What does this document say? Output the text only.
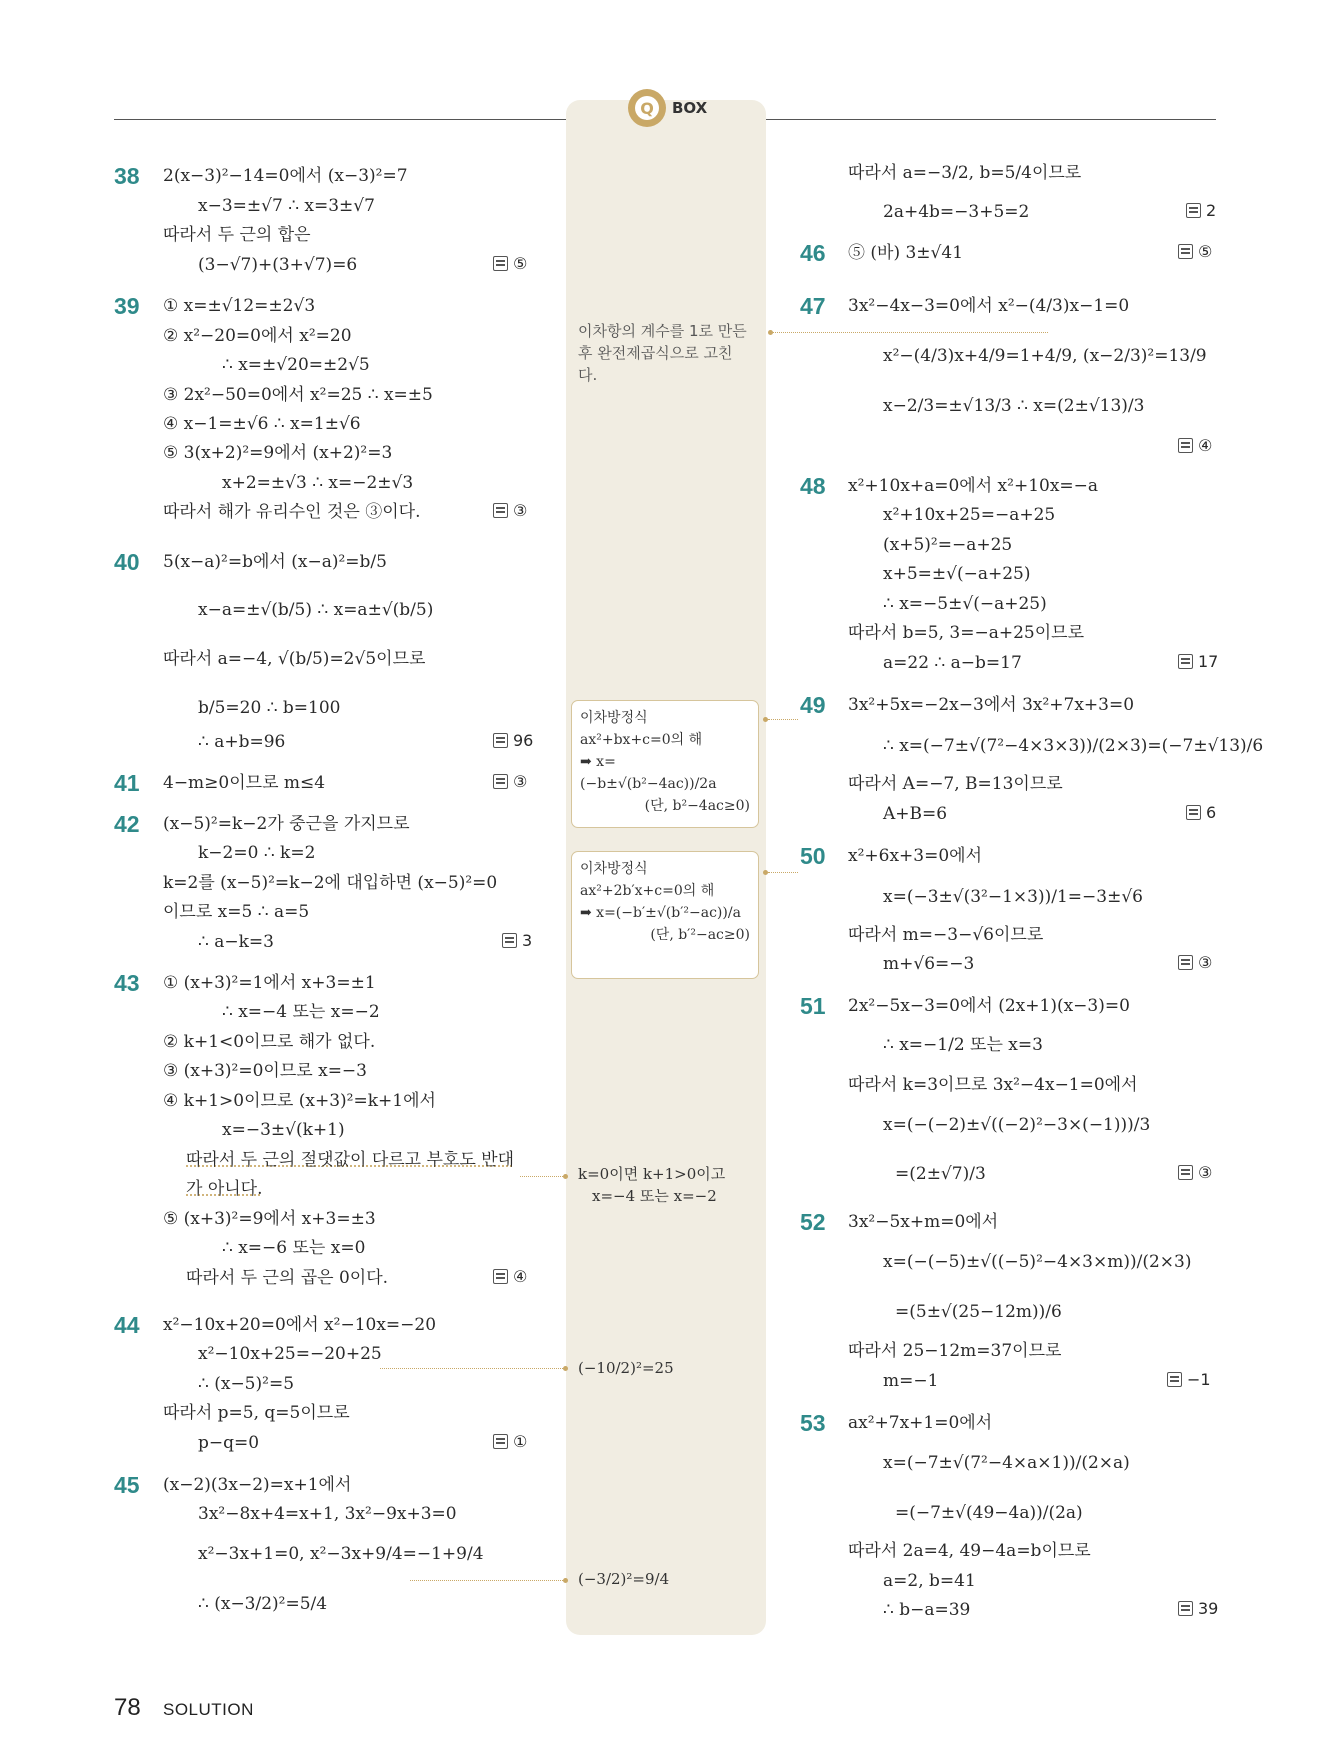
Q	BOX
38 2(x−3)²−14=0에서 (x−3)²=7
x−3=±√7 ∴ x=3±√7
따라서 두 근의 합은
(3−√7)+(3+√7)=6	⑤
39 ① x=±√12=±2√3
② x²−20=0에서 x²=20
∴ x=±√20=±2√5
③ 2x²−50=0에서 x²=25 ∴ x=±5
④ x−1=±√6 ∴ x=1±√6
⑤ 3(x+2)²=9에서 (x+2)²=3
x+2=±√3 ∴ x=−2±√3
따라서 해가 유리수인 것은 ③이다.	③
40 5(x−a)²=b에서 (x−a)²=b/5
x−a=±√(b/5) ∴ x=a±√(b/5)
따라서 a=−4, √(b/5)=2√5이므로
b/5=20 ∴ b=100
∴ a+b=96	96
41 4−m≥0이므로 m≤4	③
42 (x−5)²=k−2가 중근을 가지므로
k−2=0 ∴ k=2
k=2를 (x−5)²=k−2에 대입하면 (x−5)²=0
이므로 x=5 ∴ a=5
∴ a−k=3	3
43 ① (x+3)²=1에서 x+3=±1
∴ x=−4 또는 x=−2
② k+1<0이므로 해가 없다.
③ (x+3)²=0이므로 x=−3
④ k+1>0이므로 (x+3)²=k+1에서
x=−3±√(k+1)
따라서 두 근의 절댓값이 다르고 부호도 반대
가 아니다.
⑤ (x+3)²=9에서 x+3=±3
∴ x=−6 또는 x=0
따라서 두 근의 곱은 0이다.	④
44 x²−10x+20=0에서 x²−10x=−20
x²−10x+25=−20+25
∴ (x−5)²=5
따라서 p=5, q=5이므로
p−q=0	①
45 (x−2)(3x−2)=x+1에서
3x²−8x+4=x+1, 3x²−9x+3=0
x²−3x+1=0, x²−3x+9/4=−1+9/4
∴ (x−3/2)²=5/4
따라서 a=−3/2, b=5/4이므로
2a+4b=−3+5=2	2
46 ⑤ (바) 3±√41	⑤
47 3x²−4x−3=0에서 x²−(4/3)x−1=0
x²−(4/3)x+4/9=1+4/9, (x−2/3)²=13/9
x−2/3=±√13/3 ∴ x=(2±√13)/3
④
48 x²+10x+a=0에서 x²+10x=−a
x²+10x+25=−a+25
(x+5)²=−a+25
x+5=±√(−a+25)
∴ x=−5±√(−a+25)
따라서 b=5, 3=−a+25이므로
a=22 ∴ a−b=17	17
49 3x²+5x=−2x−3에서 3x²+7x+3=0
∴ x=(−7±√(7²−4×3×3))/(2×3)=(−7±√13)/6
따라서 A=−7, B=13이므로
A+B=6	6
50 x²+6x+3=0에서
x=(−3±√(3²−1×3))/1=−3±√6
따라서 m=−3−√6이므로
m+√6=−3	③
51 2x²−5x−3=0에서 (2x+1)(x−3)=0
∴ x=−1/2 또는 x=3
따라서 k=3이므로 3x²−4x−1=0에서
x=(−(−2)±√((−2)²−3×(−1)))/3
=(2±√7)/3	③
52 3x²−5x+m=0에서
x=(−(−5)±√((−5)²−4×3×m))/(2×3)
=(5±√(25−12m))/6
따라서 25−12m=37이므로
m=−1	−1
53 ax²+7x+1=0에서
x=(−7±√(7²−4×a×1))/(2×a)
=(−7±√(49−4a))/(2a)
따라서 2a=4, 49−4a=b이므로
a=2, b=41
∴ b−a=39	39
이차항의 계수를 1로 만든
후 완전제곱식으로 고친
다.
이차방정식
ax²+bx+c=0의 해
➡ x=(−b±√(b²−4ac))/2a
(단, b²−4ac≥0)
이차방정식
ax²+2b′x+c=0의 해
➡ x=(−b′±√(b′²−ac))/a
(단, b′²−ac≥0)
k=0이면 k+1>0이고
x=−4 또는 x=−2
(−10/2)²=25
(−3/2)²=9/4
78 SOLUTION
